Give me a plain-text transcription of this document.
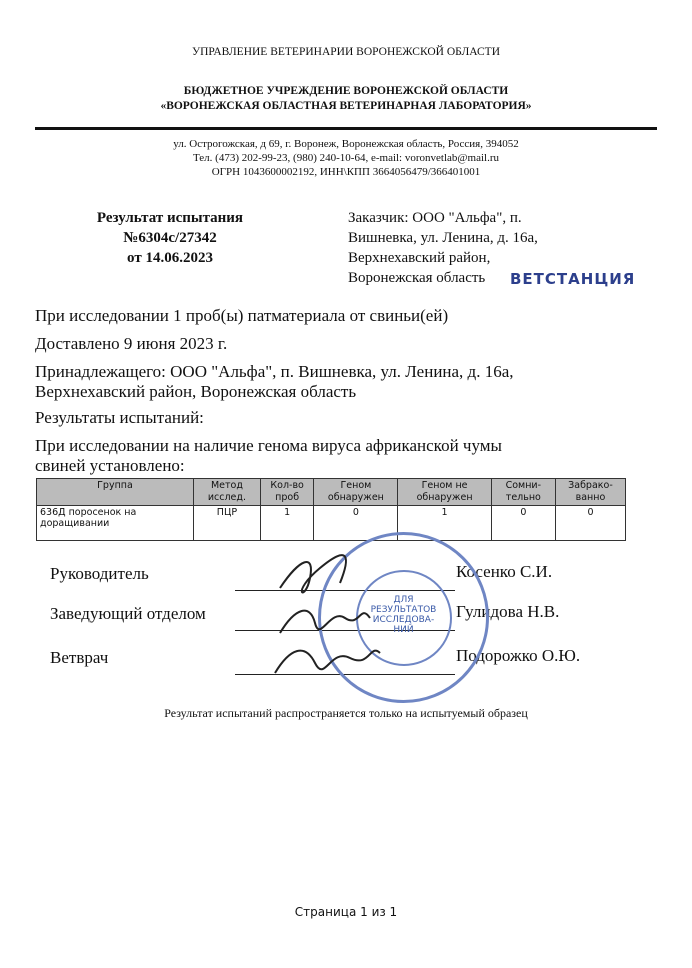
УПРАВЛЕНИЕ ВЕТЕРИНАРИИ ВОРОНЕЖСКОЙ ОБЛАСТИ
БЮДЖЕТНОЕ УЧРЕЖДЕНИЕ ВОРОНЕЖСКОЙ ОБЛАСТИ
«ВОРОНЕЖСКАЯ ОБЛАСТНАЯ ВЕТЕРИНАРНАЯ ЛАБОРАТОРИЯ»
ул. Острогожская, д 69, г. Воронеж, Воронежская область, Россия, 394052
Тел. (473) 202-99-23, (980) 240-10-64, e-mail: voronvetlab@mail.ru
ОГРН 1043600002192, ИНН\КПП 3664056479/366401001
Результат испытания
№6304с/27342
от 14.06.2023
Заказчик: ООО "Альфа", п.
Вишневка, ул. Ленина, д. 16а,
Верхнехавский район,
Воронежская область	ВЕТСТАНЦИЯ
При исследовании 1 проб(ы) патматериала от свиньи(ей)
Доставлено 9 июня 2023 г.
Принадлежащего: ООО "Альфа", п. Вишневка, ул. Ленина, д. 16а,
Верхнехавский район, Воронежская область
Результаты испытаний:
При исследовании на наличие генома вируса африканской чумы
свиней установлено:
Группа	Метод исслед.	Кол-во проб	Геном обнаружен	Геном не обнаружен	Сомни-тельно	Забрако-ванно
636Д поросенок на доращивании	ПЦР	1	0	1	0	0
Руководитель	Косенко С.И.
Заведующий отделом	Гулидова Н.В.
Ветврач	Подорожко О.Ю.
ДЛЯ РЕЗУЛЬТАТОВ ИССЛЕДОВА-НИЙ
Результат испытаний распространяется только на испытуемый образец
Страница 1 из 1
